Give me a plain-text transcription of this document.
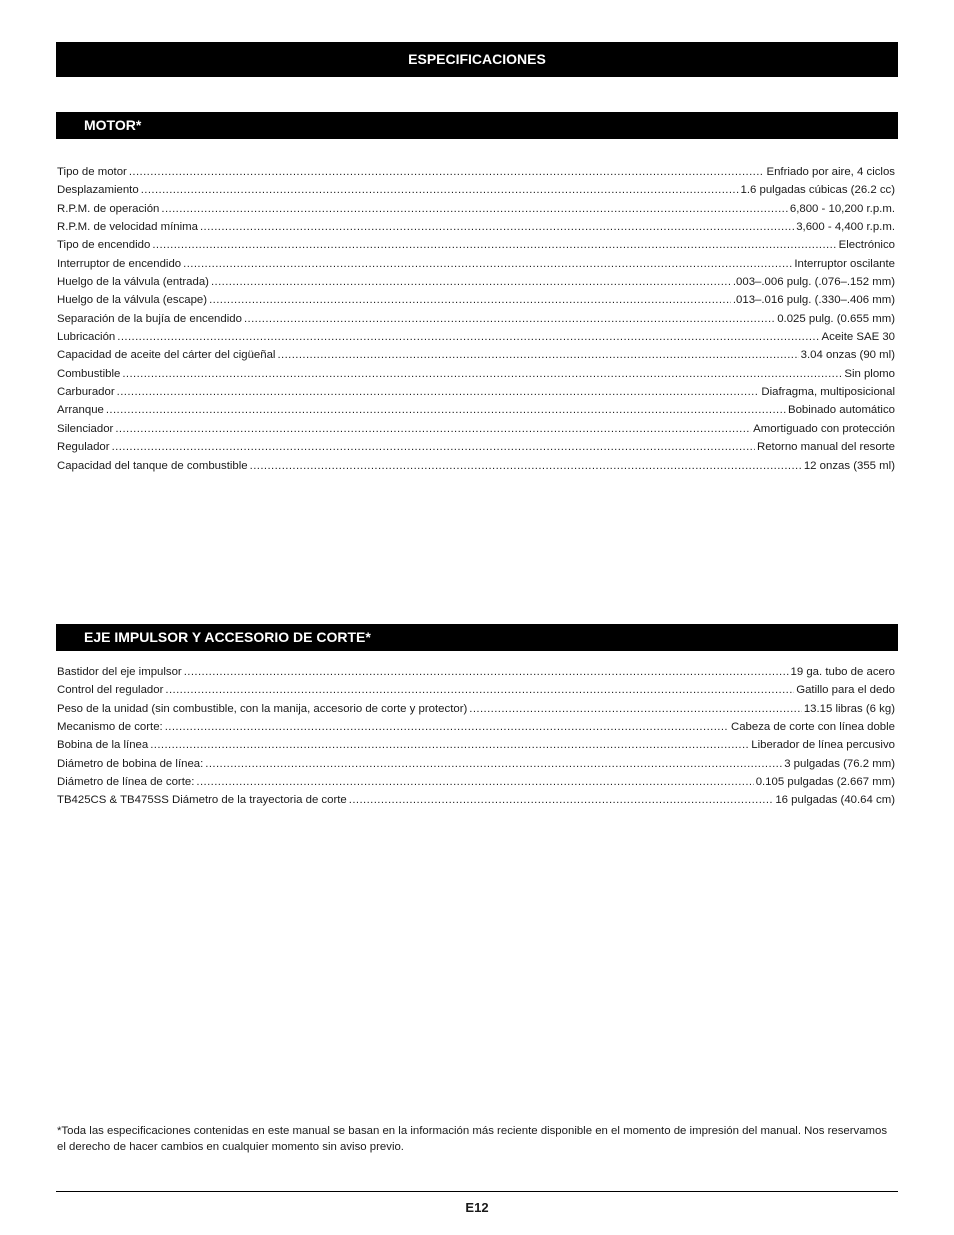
ESPECIFICACIONES
MOTOR*
Tipo de motor .....	Enfriado por aire, 4 ciclos
Desplazamiento .....	1.6 pulgadas cúbicas (26.2 cc)
R.P.M. de operación .....	6,800 - 10,200 r.p.m.
R.P.M. de velocidad mínima .....	3,600 - 4,400 r.p.m.
Tipo de encendido .....	Electrónico
Interruptor de encendido .....	Interruptor oscilante
Huelgo de la válvula (entrada) .....	.003–.006 pulg. (.076–.152 mm)
Huelgo de la válvula (escape) .....	.013–.016 pulg. (.330–.406 mm)
Separación de la bujía de encendido .....	0.025 pulg. (0.655 mm)
Lubricación .....	Aceite SAE 30
Capacidad de aceite del cárter del cigüeñal .....	3.04 onzas (90 ml)
Combustible .....	Sin plomo
Carburador .....	Diafragma, multiposicional
Arranque .....	Bobinado automático
Silenciador .....	Amortiguado con protección
Regulador .....	Retorno manual del resorte
Capacidad del tanque de combustible .....	12 onzas (355 ml)
EJE IMPULSOR Y ACCESORIO DE CORTE*
Bastidor del eje impulsor .....	19 ga. tubo de acero
Control del regulador .....	Gatillo para el dedo
Peso de la unidad (sin combustible, con la manija, accesorio de corte y protector) .....	13.15 libras (6 kg)
Mecanismo de corte: .....	Cabeza de corte con línea doble
Bobina de la línea .....	Liberador de línea percusivo
Diámetro de bobina de línea: .....	3 pulgadas (76.2 mm)
Diámetro de línea de corte: .....	0.105 pulgadas (2.667 mm)
TB425CS & TB475SS Diámetro de la trayectoria de corte .....	16 pulgadas (40.64 cm)
*Toda las especificaciones contenidas en este manual se basan en la información más reciente disponible en el momento de impresión del manual. Nos reservamos el derecho de hacer cambios en cualquier momento sin aviso previo.
E12
